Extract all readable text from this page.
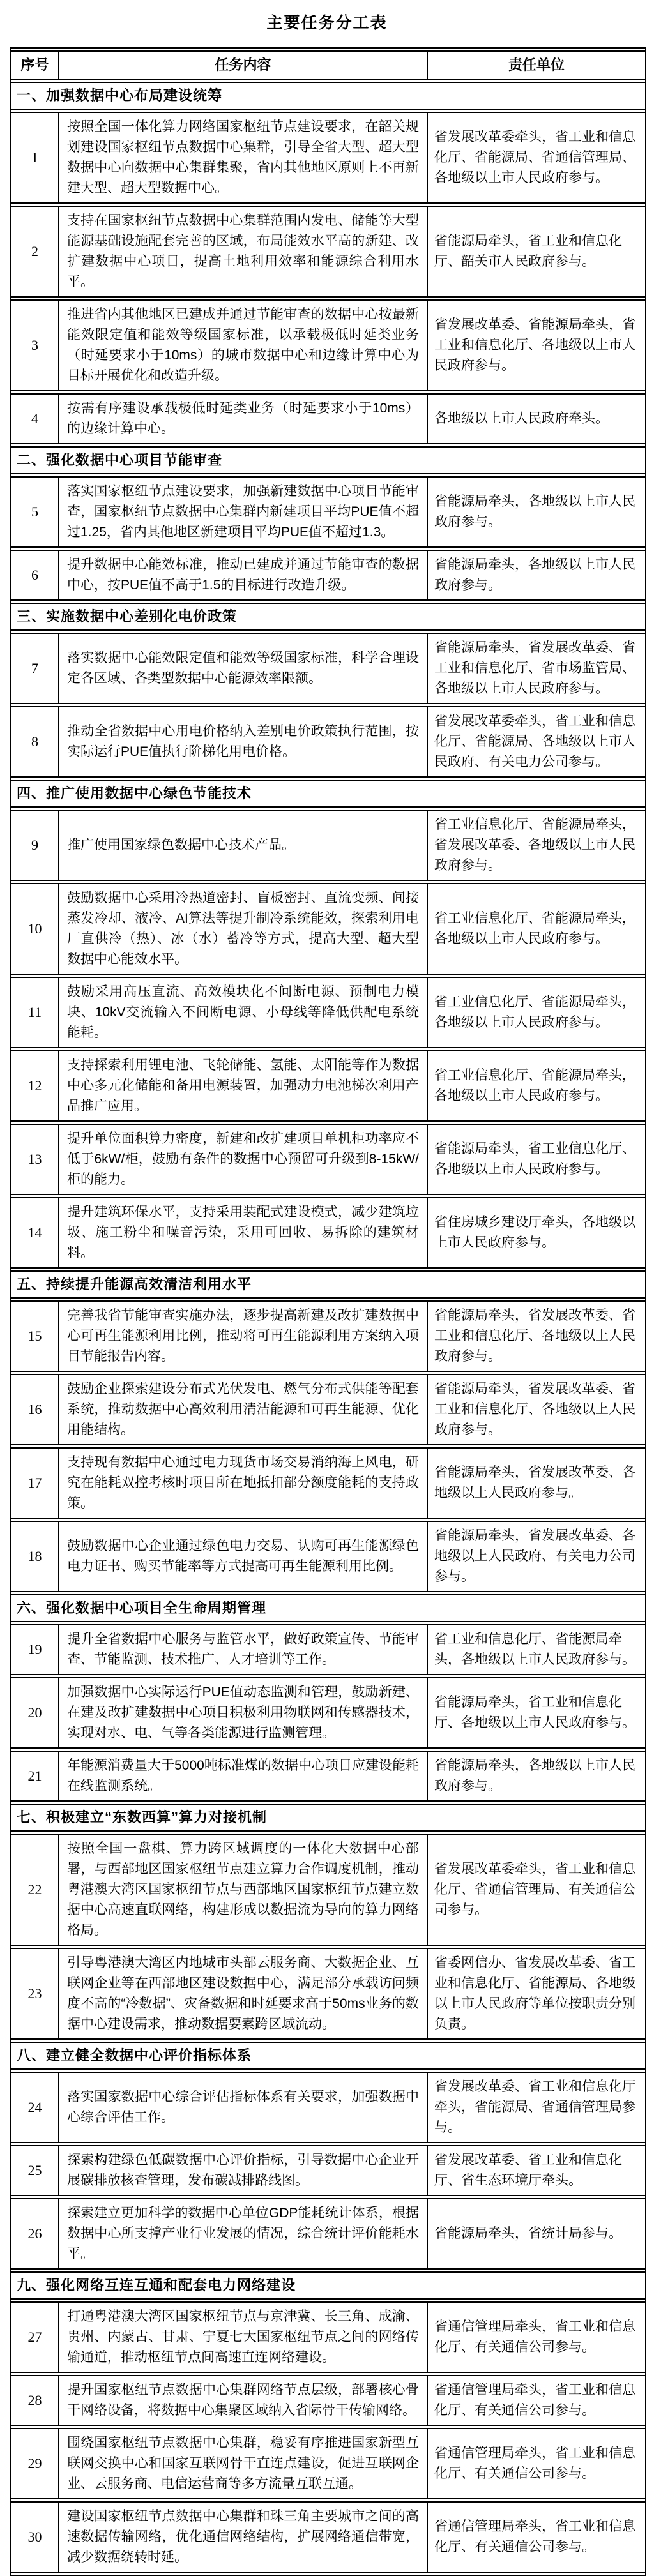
主要任务分工表
序号	任务内容	责任单位
一、加强数据中心布局建设统筹		
1	按照全国一体化算力网络国家枢纽节点建设要求，在韶关规划建设国家枢纽节点数据中心集群，引导全省大型、超大型数据中心向数据中心集群集聚，省内其他地区原则上不再新建大型、超大型数据中心。	省发展改革委牵头，省工业和信息化厅、省能源局、省通信管理局、各地级以上市人民政府参与。
2	支持在国家枢纽节点数据中心集群范围内发电、储能等大型能源基础设施配套完善的区域，布局能效水平高的新建、改扩建数据中心项目，提高土地利用效率和能源综合利用水平。	省能源局牵头，省工业和信息化厅、韶关市人民政府参与。
3	推进省内其他地区已建成并通过节能审查的数据中心按最新能效限定值和能效等级国家标准，以承载极低时延类业务（时延要求小于10ms）的城市数据中心和边缘计算中心为目标开展优化和改造升级。	省发展改革委、省能源局牵头，省工业和信息化厅、各地级以上市人民政府参与。
4	按需有序建设承载极低时延类业务（时延要求小于10ms）的边缘计算中心。	各地级以上市人民政府牵头。
二、强化数据中心项目节能审查		
5	落实国家枢纽节点建设要求，加强新建数据中心项目节能审查，国家枢纽节点数据中心集群内新建项目平均PUE值不超过1.25，省内其他地区新建项目平均PUE值不超过1.3。	省能源局牵头，各地级以上市人民政府参与。
6	提升数据中心能效标准，推动已建成并通过节能审查的数据中心，按PUE值不高于1.5的目标进行改造升级。	省能源局牵头，各地级以上市人民政府参与。
三、实施数据中心差别化电价政策		
7	落实数据中心能效限定值和能效等级国家标准，科学合理设定各区域、各类型数据中心能源效率限额。	省能源局牵头，省发展改革委、省工业和信息化厅、省市场监管局、各地级以上市人民政府参与。
8	推动全省数据中心用电价格纳入差别电价政策执行范围，按实际运行PUE值执行阶梯化用电价格。	省发展改革委牵头，省工业和信息化厅、省能源局、各地级以上市人民政府、有关电力公司参与。
四、推广使用数据中心绿色节能技术		
9	推广使用国家绿色数据中心技术产品。	省工业信息化厅、省能源局牵头，省发展改革委、各地级以上市人民政府参与。
10	鼓励数据中心采用冷热道密封、盲板密封、直流变频、间接蒸发冷却、液冷、AI算法等提升制冷系统能效，探索利用电厂直供冷（热）、冰（水）蓄冷等方式，提高大型、超大型数据中心能效水平。	省工业信息化厅、省能源局牵头，各地级以上市人民政府参与。
11	鼓励采用高压直流、高效模块化不间断电源、预制电力模块、10kV交流输入不间断电源、小母线等降低供配电系统能耗。	省工业信息化厅、省能源局牵头，各地级以上市人民政府参与。
12	支持探索利用锂电池、飞轮储能、氢能、太阳能等作为数据中心多元化储能和备用电源装置，加强动力电池梯次利用产品推广应用。	省工业信息化厅、省能源局牵头，各地级以上市人民政府参与。
13	提升单位面积算力密度，新建和改扩建项目单机柜功率应不低于6kW/柜，鼓励有条件的数据中心预留可升级到8-15kW/柜的能力。	省能源局牵头，省工业信息化厅、各地级以上市人民政府参与。
14	提升建筑环保水平，支持采用装配式建设模式，减少建筑垃圾、施工粉尘和噪音污染，采用可回收、易拆除的建筑材料。	省住房城乡建设厅牵头，各地级以上市人民政府参与。
五、持续提升能源高效清洁利用水平		
15	完善我省节能审查实施办法，逐步提高新建及改扩建数据中心可再生能源利用比例，推动将可再生能源利用方案纳入项目节能报告内容。	省能源局牵头，省发展改革委、省工业和信息化厅、各地级以上人民政府参与。
16	鼓励企业探索建设分布式光伏发电、燃气分布式供能等配套系统，推动数据中心高效利用清洁能源和可再生能源、优化用能结构。	省能源局牵头，省发展改革委、省工业和信息化厅、各地级以上人民政府参与。
17	支持现有数据中心通过电力现货市场交易消纳海上风电，研究在能耗双控考核时项目所在地抵扣部分额度能耗的支持政策。	省能源局牵头，省发展改革委、各地级以上人民政府参与。
18	鼓励数据中心企业通过绿色电力交易、认购可再生能源绿色电力证书、购买节能率等方式提高可再生能源利用比例。	省能源局牵头，省发展改革委、各地级以上人民政府、有关电力公司参与。
六、强化数据中心项目全生命周期管理		
19	提升全省数据中心服务与监管水平，做好政策宣传、节能审查、节能监测、技术推广、人才培训等工作。	省工业和信息化厅、省能源局牵头，各地级以上市人民政府参与。
20	加强数据中心实际运行PUE值动态监测和管理，鼓励新建、在建及改扩建数据中心项目积极利用物联网和传感器技术，实现对水、电、气等各类能源进行监测管理。	省能源局牵头，省工业和信息化厅、各地级以上市人民政府参与。
21	年能源消费量大于5000吨标准煤的数据中心项目应建设能耗在线监测系统。	省能源局牵头，各地级以上市人民政府参与。
七、积极建立“东数西算”算力对接机制		
22	按照全国一盘棋、算力跨区域调度的一体化大数据中心部署，与西部地区国家枢纽节点建立算力合作调度机制，推动粤港澳大湾区国家枢纽节点与西部地区国家枢纽节点建立数据中心高速直联网络，构建形成以数据流为导向的算力网络格局。	省发展改革委牵头，省工业和信息化厅、省通信管理局、有关通信公司参与。
23	引导粤港澳大湾区内地城市头部云服务商、大数据企业、互联网企业等在西部地区建设数据中心，满足部分承载访问频度不高的“冷数据”、灾备数据和时延要求高于50ms业务的数据中心建设需求，推动数据要素跨区域流动。	省委网信办、省发展改革委、省工业和信息化厅、省能源局、各地级以上市人民政府等单位按职责分别负责。
八、建立健全数据中心评价指标体系		
24	落实国家数据中心综合评估指标体系有关要求，加强数据中心综合评估工作。	省发展改革委、省工业和信息化厅牵头，省能源局、省通信管理局参与。
25	探索构建绿色低碳数据中心评价指标，引导数据中心企业开展碳排放核查管理，发布碳减排路线图。	省发展改革委、省工业和信息化厅、省生态环境厅牵头。
26	探索建立更加科学的数据中心单位GDP能耗统计体系，根据数据中心所支撑产业行业发展的情况，综合统计评价能耗水平。	省能源局牵头，省统计局参与。
九、强化网络互连互通和配套电力网络建设		
27	打通粤港澳大湾区国家枢纽节点与京津冀、长三角、成渝、贵州、内蒙古、甘肃、宁夏七大国家枢纽节点之间的网络传输通道，推动枢纽节点间高速直连网络建设。	省通信管理局牵头，省工业和信息化厅、有关通信公司参与。
28	提升国家枢纽节点数据中心集群网络节点层级，部署核心骨干网络设备，将数据中心集聚区域纳入省际骨干传输网络。	省通信管理局牵头，省工业和信息化厅、有关通信公司参与。
29	围绕国家枢纽节点数据中心集群，稳妥有序推进国家新型互联网交换中心和国家互联网骨干直连点建设，促进互联网企业、云服务商、电信运营商等多方流量互联互通。	省通信管理局牵头，省工业和信息化厅、有关通信公司参与。
30	建设国家枢纽节点数据中心集群和珠三角主要城市之间的高速数据传输网络，优化通信网络结构，扩展网络通信带宽，减少数据绕转时延。	省通信管理局牵头，省工业和信息化厅、有关通信公司参与。
